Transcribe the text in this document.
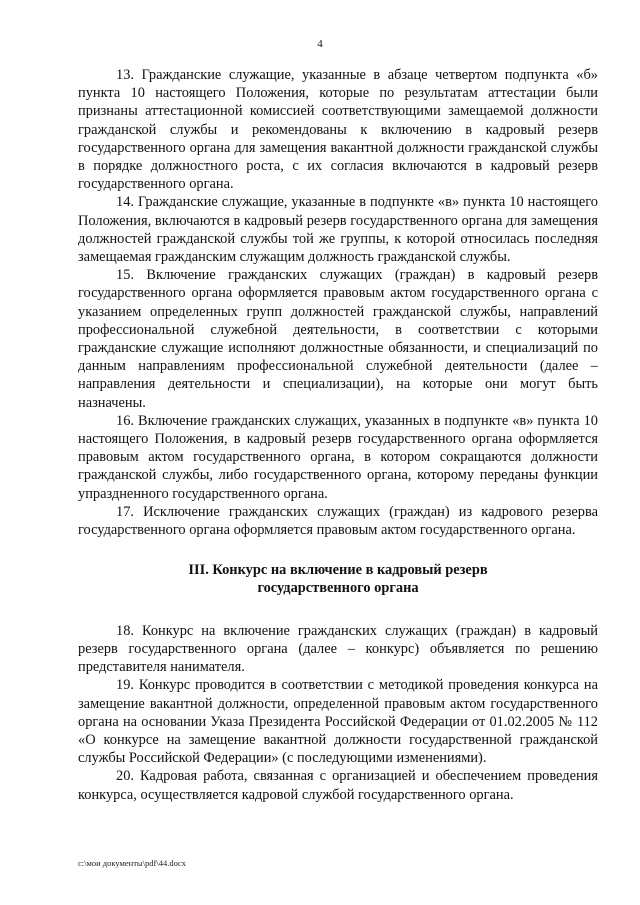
4

13. Гражданские служащие, указанные в абзаце четвертом подпункта «б» пункта 10 настоящего Положения, которые по результатам аттестации были признаны аттестационной комиссией соответствующими замещаемой должности гражданской службы и рекомендованы к включению в кадровый резерв государственного органа для замещения вакантной должности гражданской службы в порядке должностного роста, с их согласия включаются в кадровый резерв государственного органа.

14. Гражданские служащие, указанные в подпункте «в» пункта 10 настоящего Положения, включаются в кадровый резерв государственного органа для замещения должностей гражданской службы той же группы, к которой относилась последняя замещаемая гражданским служащим должность гражданской службы.

15. Включение гражданских служащих (граждан) в кадровый резерв государственного органа оформляется правовым актом государственного органа с указанием определенных групп должностей гражданской службы, направлений профессиональной служебной деятельности, в соответствии с которыми гражданские служащие исполняют должностные обязанности, и специализаций по данным направлениям профессиональной служебной деятельности (далее – направления деятельности и специализации), на которые они могут быть назначены.

16. Включение гражданских служащих, указанных в подпункте «в» пункта 10 настоящего Положения, в кадровый резерв государственного органа оформляется правовым актом государственного органа, в котором сокращаются должности гражданской службы, либо государственного органа, которому переданы функции упраздненного государственного органа.

17. Исключение гражданских служащих (граждан) из кадрового резерва государственного органа оформляется правовым актом государственного органа.

III. Конкурс на включение в кадровый резерв
государственного органа

18. Конкурс на включение гражданских служащих (граждан) в кадровый резерв государственного органа (далее – конкурс) объявляется по решению представителя нанимателя.

19. Конкурс проводится в соответствии с методикой проведения конкурса на замещение вакантной должности, определенной правовым актом государственного органа на основании Указа Президента Российской Федерации от 01.02.2005 № 112 «О конкурсе на замещение вакантной должности государственной гражданской службы Российской Федерации» (с последующими изменениями).

20. Кадровая работа, связанная с организацией и обеспечением проведения конкурса, осуществляется кадровой службой государственного органа.

c:\мои документы\pdf\44.docx
